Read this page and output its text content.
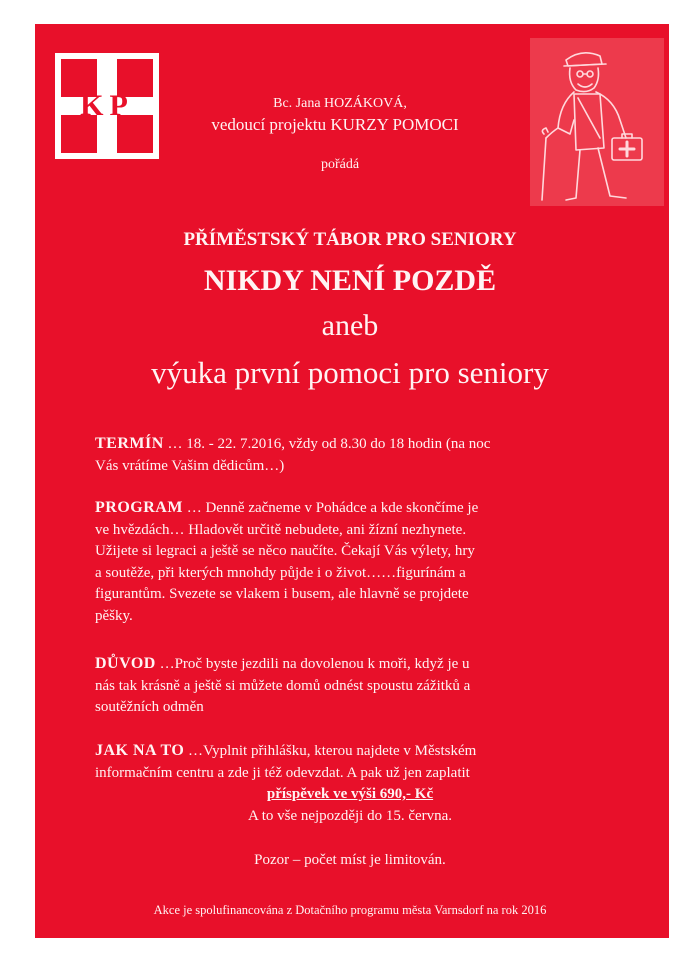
KP	Bc. Jana HOZÁKOVÁ,
vedoucí projektu KURZY POMOCI
pořádá
PŘÍMĚSTSKÝ TÁBOR PRO SENIORY
NIKDY NENÍ POZDĚ
aneb
výuka první pomoci pro seniory
TERMÍN … 18. - 22. 7.2016, vždy od 8.30 do 18 hodin (na noc
Vás vrátíme Vašim dědicům…)
PROGRAM … Denně začneme v Pohádce a kde skončíme je
ve hvězdách… Hladovět určitě nebudete, ani žízní nezhynete.
Užijete si legraci a ještě se něco naučíte. Čekají Vás výlety, hry
a soutěže, při kterých mnohdy půjde i o život……figurínám a
figurantům. Svezete se vlakem i busem, ale hlavně se projdete
pěšky.
DŮVOD …Proč byste jezdili na dovolenou k moři, když je u
nás tak krásně a ještě si můžete domů odnést spoustu zážitků a
soutěžních odměn
JAK NA TO …Vyplnit přihlášku, kterou najdete v Městském
informačním centru a zde ji též odevzdat. A pak už jen zaplatit
příspěvek ve výši 690,- Kč
A to vše nejpozději do 15. června.
Pozor – počet míst je limitován.
Akce je spolufinancována z Dotačního programu města Varnsdorf na rok 2016
